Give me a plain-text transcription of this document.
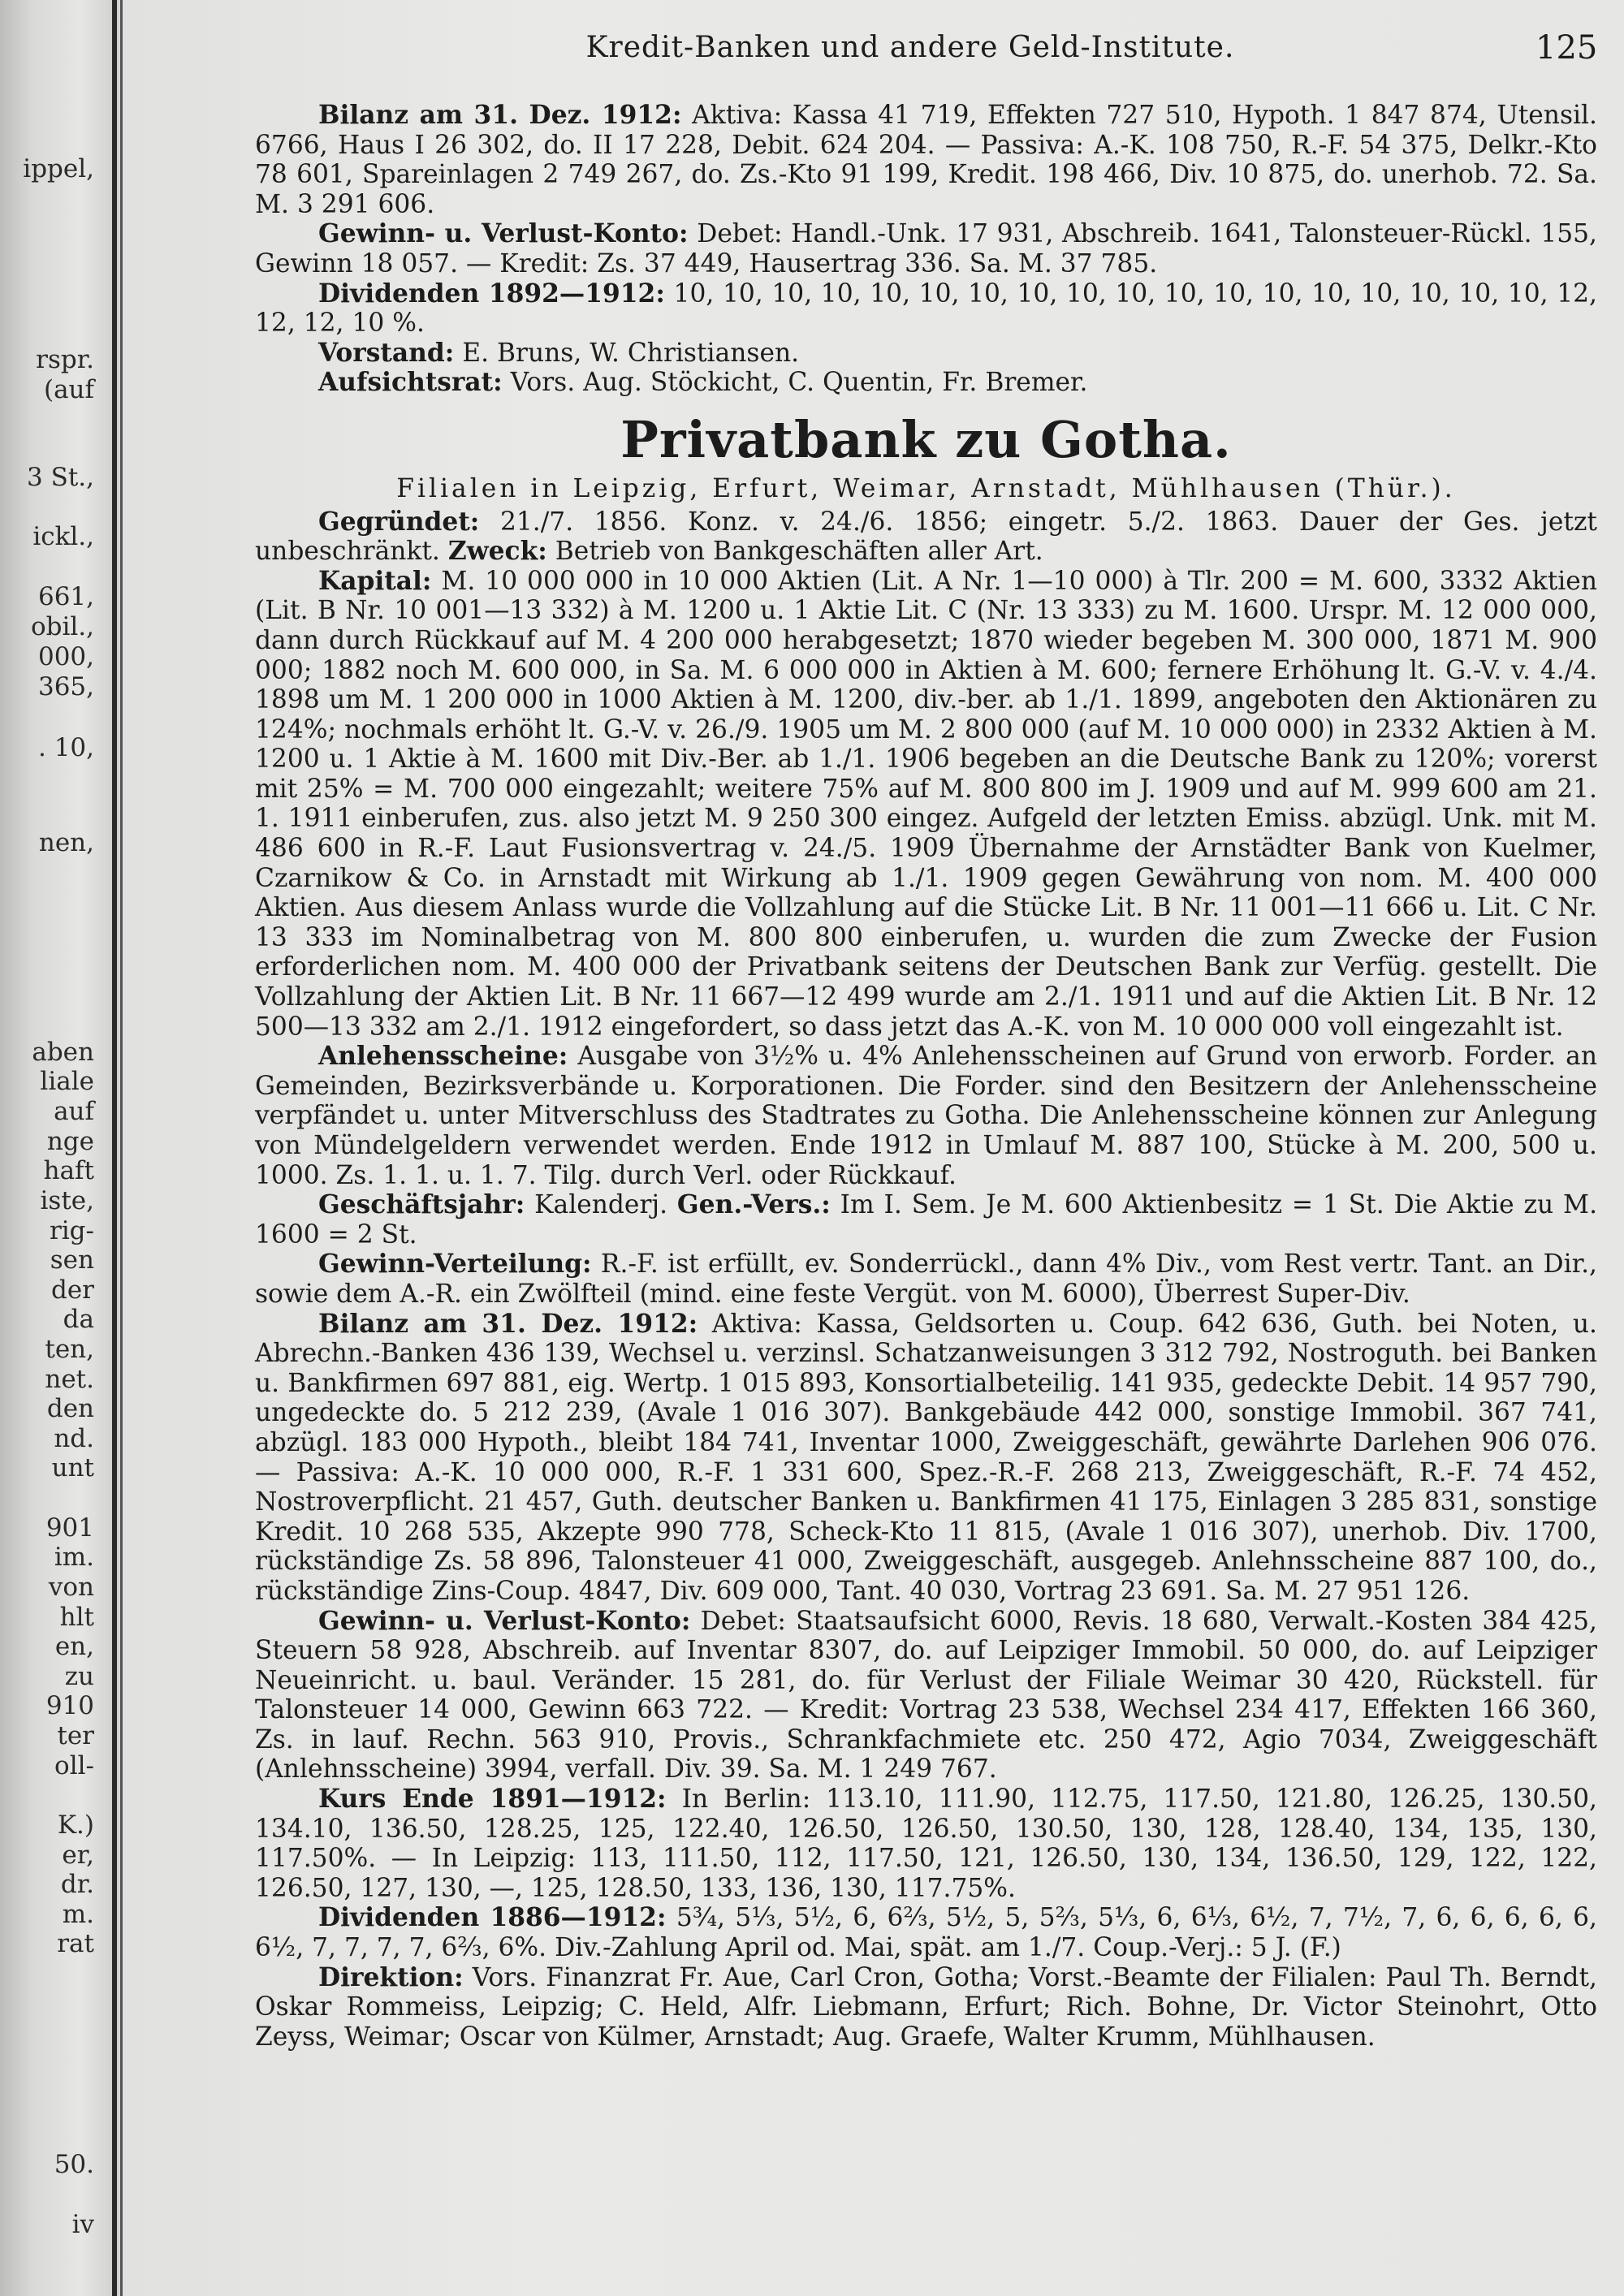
ippel,
rspr.
(auf
3 St.,
ickl.,
661,
obil.,
000,
365,
. 10,
nen,
aben
liale
auf
nge
haft
iste,
rig-
sen
der
da
ten,
net.
den
nd.
unt
901
im.
von
hlt
en,
zu
910
ter
oll-
K.)
er,
dr.
m.
rat
50.
iv
Kredit-Banken und andere Geld-Institute.	125

Bilanz am 31. Dez. 1912: Aktiva: Kassa 41 719, Effekten 727 510, Hypoth. 1 847 874, Utensil. 6766, Haus I 26 302, do. II 17 228, Debit. 624 204. — Passiva: A.-K. 108 750, R.-F. 54 375, Delkr.-Kto 78 601, Spareinlagen 2 749 267, do. Zs.-Kto 91 199, Kredit. 198 466, Div. 10 875, do. unerhob. 72. Sa. M. 3 291 606.

Gewinn- u. Verlust-Konto: Debet: Handl.-Unk. 17 931, Abschreib. 1641, Talonsteuer-Rückl. 155, Gewinn 18 057. — Kredit: Zs. 37 449, Hausertrag 336. Sa. M. 37 785.

Dividenden 1892—1912: 10, 10, 10, 10, 10, 10, 10, 10, 10, 10, 10, 10, 10, 10, 10, 10, 10, 10, 12, 12, 12, 10 %.

Vorstand: E. Bruns, W. Christiansen.

Aufsichtsrat: Vors. Aug. Stöckicht, C. Quentin, Fr. Bremer.

Privatbank zu Gotha.
Filialen in Leipzig, Erfurt, Weimar, Arnstadt, Mühlhausen (Thür.).

Gegründet: 21./7. 1856. Konz. v. 24./6. 1856; eingetr. 5./2. 1863. Dauer der Ges. jetzt unbeschränkt. Zweck: Betrieb von Bankgeschäften aller Art.

Kapital: M. 10 000 000 in 10 000 Aktien (Lit. A Nr. 1—10 000) à Tlr. 200 = M. 600, 3332 Aktien (Lit. B Nr. 10 001—13 332) à M. 1200 u. 1 Aktie Lit. C (Nr. 13 333) zu M. 1600. Urspr. M. 12 000 000, dann durch Rückkauf auf M. 4 200 000 herabgesetzt; 1870 wieder begeben M. 300 000, 1871 M. 900 000; 1882 noch M. 600 000, in Sa. M. 6 000 000 in Aktien à M. 600; fernere Erhöhung lt. G.-V. v. 4./4. 1898 um M. 1 200 000 in 1000 Aktien à M. 1200, div.-ber. ab 1./1. 1899, angeboten den Aktionären zu 124%; nochmals erhöht lt. G.-V. v. 26./9. 1905 um M. 2 800 000 (auf M. 10 000 000) in 2332 Aktien à M. 1200 u. 1 Aktie à M. 1600 mit Div.-Ber. ab 1./1. 1906 begeben an die Deutsche Bank zu 120%; vorerst mit 25% = M. 700 000 eingezahlt; weitere 75% auf M. 800 800 im J. 1909 und auf M. 999 600 am 21. 1. 1911 einberufen, zus. also jetzt M. 9 250 300 eingez. Aufgeld der letzten Emiss. abzügl. Unk. mit M. 486 600 in R.-F. Laut Fusionsvertrag v. 24./5. 1909 Übernahme der Arnstädter Bank von Kuelmer, Czarnikow & Co. in Arnstadt mit Wirkung ab 1./1. 1909 gegen Gewährung von nom. M. 400 000 Aktien. Aus diesem Anlass wurde die Vollzahlung auf die Stücke Lit. B Nr. 11 001—11 666 u. Lit. C Nr. 13 333 im Nominalbetrag von M. 800 800 einberufen, u. wurden die zum Zwecke der Fusion erforderlichen nom. M. 400 000 der Privatbank seitens der Deutschen Bank zur Verfüg. gestellt. Die Vollzahlung der Aktien Lit. B Nr. 11 667—12 499 wurde am 2./1. 1911 und auf die Aktien Lit. B Nr. 12 500—13 332 am 2./1. 1912 eingefordert, so dass jetzt das A.-K. von M. 10 000 000 voll eingezahlt ist.

Anlehensscheine: Ausgabe von 3½% u. 4% Anlehensscheinen auf Grund von erworb. Forder. an Gemeinden, Bezirksverbände u. Korporationen. Die Forder. sind den Besitzern der Anlehensscheine verpfändet u. unter Mitverschluss des Stadtrates zu Gotha. Die Anlehensscheine können zur Anlegung von Mündelgeldern verwendet werden. Ende 1912 in Umlauf M. 887 100, Stücke à M. 200, 500 u. 1000. Zs. 1. 1. u. 1. 7. Tilg. durch Verl. oder Rückkauf.

Geschäftsjahr: Kalenderj. Gen.-Vers.: Im I. Sem. Je M. 600 Aktienbesitz = 1 St. Die Aktie zu M. 1600 = 2 St.

Gewinn-Verteilung: R.-F. ist erfüllt, ev. Sonderrückl., dann 4% Div., vom Rest vertr. Tant. an Dir., sowie dem A.-R. ein Zwölfteil (mind. eine feste Vergüt. von M. 6000), Überrest Super-Div.

Bilanz am 31. Dez. 1912: Aktiva: Kassa, Geldsorten u. Coup. 642 636, Guth. bei Noten, u. Abrechn.-Banken 436 139, Wechsel u. verzinsl. Schatzanweisungen 3 312 792, Nostroguth. bei Banken u. Bankfirmen 697 881, eig. Wertp. 1 015 893, Konsortialbeteilig. 141 935, gedeckte Debit. 14 957 790, ungedeckte do. 5 212 239, (Avale 1 016 307). Bankgebäude 442 000, sonstige Immobil. 367 741, abzügl. 183 000 Hypoth., bleibt 184 741, Inventar 1000, Zweiggeschäft, gewährte Darlehen 906 076. — Passiva: A.-K. 10 000 000, R.-F. 1 331 600, Spez.-R.-F. 268 213, Zweiggeschäft, R.-F. 74 452, Nostroverpflicht. 21 457, Guth. deutscher Banken u. Bankfirmen 41 175, Einlagen 3 285 831, sonstige Kredit. 10 268 535, Akzepte 990 778, Scheck-Kto 11 815, (Avale 1 016 307), unerhob. Div. 1700, rückständige Zs. 58 896, Talonsteuer 41 000, Zweiggeschäft, ausgegeb. Anlehnsscheine 887 100, do., rückständige Zins-Coup. 4847, Div. 609 000, Tant. 40 030, Vortrag 23 691. Sa. M. 27 951 126.

Gewinn- u. Verlust-Konto: Debet: Staatsaufsicht 6000, Revis. 18 680, Verwalt.-Kosten 384 425, Steuern 58 928, Abschreib. auf Inventar 8307, do. auf Leipziger Immobil. 50 000, do. auf Leipziger Neueinricht. u. baul. Veränder. 15 281, do. für Verlust der Filiale Weimar 30 420, Rückstell. für Talonsteuer 14 000, Gewinn 663 722. — Kredit: Vortrag 23 538, Wechsel 234 417, Effekten 166 360, Zs. in lauf. Rechn. 563 910, Provis., Schrankfachmiete etc. 250 472, Agio 7034, Zweiggeschäft (Anlehnsscheine) 3994, verfall. Div. 39. Sa. M. 1 249 767.

Kurs Ende 1891—1912: In Berlin: 113.10, 111.90, 112.75, 117.50, 121.80, 126.25, 130.50, 134.10, 136.50, 128.25, 125, 122.40, 126.50, 126.50, 130.50, 130, 128, 128.40, 134, 135, 130, 117.50%. — In Leipzig: 113, 111.50, 112, 117.50, 121, 126.50, 130, 134, 136.50, 129, 122, 122, 126.50, 127, 130, —, 125, 128.50, 133, 136, 130, 117.75%.

Dividenden 1886—1912: 5¾, 5⅓, 5½, 6, 6⅔, 5½, 5, 5⅔, 5⅓, 6, 6⅓, 6½, 7, 7½, 7, 6, 6, 6, 6, 6, 6½, 7, 7, 7, 7, 6⅔, 6%. Div.-Zahlung April od. Mai, spät. am 1./7. Coup.-Verj.: 5 J. (F.)

Direktion: Vors. Finanzrat Fr. Aue, Carl Cron, Gotha; Vorst.-Beamte der Filialen: Paul Th. Berndt, Oskar Rommeiss, Leipzig; C. Held, Alfr. Liebmann, Erfurt; Rich. Bohne, Dr. Victor Steinohrt, Otto Zeyss, Weimar; Oscar von Külmer, Arnstadt; Aug. Graefe, Walter Krumm, Mühlhausen.
